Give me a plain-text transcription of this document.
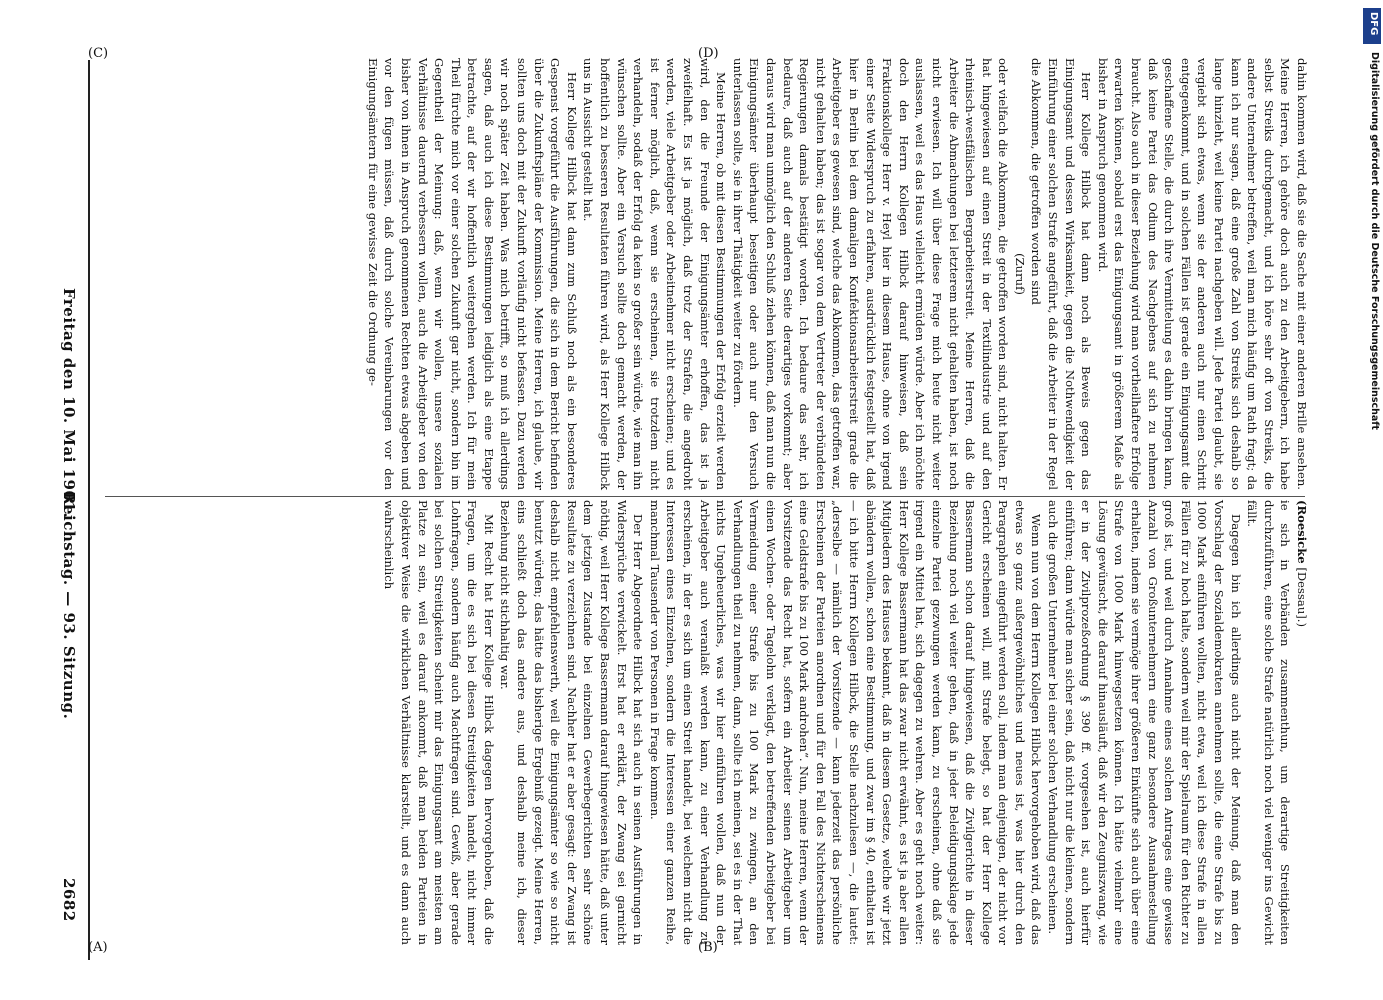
2682
Reichstag. — 93. Sitzung.
Freitag den 10. Mai 1901.
(A)	(B)
(C)	(D)

(Roesicke [Dessau].)

ie sich in Verbänden zusammenthun, um derartige Streitigkeiten durchzuführen, eine solche Strafe natürlich noch viel weniger ins Gewicht fällt.

Dagegen bin ich allerdings auch nicht der Meinung, daß man den Vorschlag der Sozialdemokraten annehmen sollte, die eine Strafe bis zu 1000 Mark einführen wollten, nicht etwa, weil ich diese Strafe in allen Fällen für zu hoch halte, sondern weil mir der Spielraum für den Richter zu groß ist, und weil durch Annahme eines solchen Antrages eine gewisse Anzahl von Großunternehmern eine ganz besondere Ausnahmestellung erhalten, indem sie vermöge ihrer größeren Einkünfte sich auch über eine Strafe von 1000 Mark hinwegsetzen können. Ich hätte vielmehr eine Lösung gewünscht, die darauf hinausläuft, daß wir den Zeugniszwang, wie er in der Zivilprozeßordnung § 390 ff. vorgesehen ist, auch hierfür einführen; dann würde man sicher sein, daß nicht nur die kleinen, sondern auch die großen Unternehmer bei einer solchen Verhandlung erscheinen.

Wenn nun von dem Herrn Kollegen Hilbck hervorgehoben wird, daß das etwas so ganz außergewöhnliches und neues ist, was hier durch den Paragraphen eingeführt werden soll, indem man denjenigen, der nicht vor Gericht erscheinen will, mit Strafe belegt, so hat der Herr Kollege Bassermann schon darauf hingewiesen, daß die Zivilgerichte in dieser Beziehung noch viel weiter gehen, daß in jeder Beleidigungsklage jede einzelne Partei gezwungen werden kann, zu erscheinen, ohne daß sie irgend ein Mittel hat, sich dagegen zu wehren. Aber es geht noch weiter: Herr Kollege Bassermann hat das zwar nicht erwähnt, es ist ja aber allen Mitgliedern des Hauses bekannt, daß in diesem Gesetze, welche wir jetzt abändern wollen, schon eine Bestimmung, und zwar im § 40, enthalten ist — ich bitte Herrn Kollegen Hilbck, die Stelle nachzulesen —, die lautet: „derselbe — nämlich der Vorsitzende — kann jederzeit das persönliche Erscheinen der Parteien anordnen und für den Fall des Nichterscheinens eine Geldstrafe bis zu 100 Mark androhen“. Nun, meine Herren, wenn der Vorsitzende das Recht hat, sofern ein Arbeiter seinen Arbeitgeber um einen Wochen- oder Tagelohn verklagt, den betreffenden Arbeitgeber bei Vermeidung einer Strafe bis zu 100 Mark zu zwingen, an den Verhandlungen theil zu nehmen, dann, sollte ich meinen, sei es in der That nichts Ungeheuerliches, was wir hier einführen wollen, daß nun der Arbeitgeber auch veranlaßt werden kann, zu einer Verhandlung zu erscheinen, in der es sich um einen Streit handelt, bei welchem nicht die Interessen eines Einzelnen, sondern die Interessen einer ganzen Reihe, manchmal Tausender von Personen in Frage kommen.

Der Herr Abgeordnete Hilbck hat sich auch in seinen Ausführungen in Widersprüche verwickelt. Erst hat er erklärt, der Zwang sei garnicht nöthig, weil Herr Kollege Bassermann darauf hingewiesen hätte, daß unter dem jetzigen Zustande bei einzelnen Gewerbegerichten sehr schöne Resultate zu verzeichnen sind. Nachher hat er aber gesagt: der Zwang ist deshalb nicht empfehlenswerth, weil die Einigungsämter so wie so nicht benutzt würden; das hätte das bisherige Ergebniß gezeigt. Meine Herren, eins schließt doch das andere aus, und deshalb meine ich, dieser Beziehung nicht stichhaltig war.

Mit Recht hat Herr Kollege Hilbck dagegen hervorgehoben, daß die Fragen, um die es sich bei diesen Streitigkeiten handelt, nicht immer Lohnfragen, sondern häufig auch Machtfragen sind. Gewiß, aber gerade bei solchen Streitigkeiten scheint mir das Einigungsamt am meisten am Platze zu sein, weil es darauf ankommt, daß man beiden Parteien in objektiver Weise die wirklichen Verhältnisse klarstellt, und es dann auch wahrscheinlich

dahin kommen wird, daß sie die Sache mit einer anderen Brille ansehen. Meine Herren, ich gehöre doch auch zu den Arbeitgebern, ich habe selbst Streiks durchgemacht, und ich höre sehr oft von Streiks, die andere Unternehmer betreffen, weil man mich häufig um Rath fragt; da kann ich nur sagen, daß eine große Zahl von Streiks sich deshalb so lange hinzieht, weil keine Partei nachgeben will. Jede Partei glaubt, sie vergiebt sich etwas, wenn sie der anderen auch nur einen Schritt entgegenkommt, und in solchen Fällen ist gerade ein Einigungsamt die geschaffene Stelle, die durch ihre Vermittelung es dahin bringen kann, daß keine Partei das Odium des Nachgebens auf sich zu nehmen braucht. Also auch in dieser Beziehung wird man vortheilhaftere Erfolge erwarten können, sobald erst das Einigungsamt in größerem Maße als bisher in Anspruch genommen wird.

Herr Kollege Hilbck hat dann noch als Beweis gegen das Einigungsamt und dessen Wirksamkeit, gegen die Nothwendigkeit der Einführung einer solchen Strafe angeführt, daß die Arbeiter in der Regel die Abkommen, die getroffen worden sind

(Zuruf)

oder vielfach die Abkommen, die getroffen worden sind, nicht halten. Er hat hingewiesen auf einen Streit in der Textilindustrie und auf den rheinisch-westfälischen Bergarbeiterstreit. Meine Herren, daß die Arbeiter die Abmachungen bei letzterem nicht gehalten haben, ist noch nicht erwiesen. Ich will über diese Frage mich heute nicht weiter auslassen, weil es das Haus vielleicht ermüden würde. Aber ich möchte doch den Herrn Kollegen Hilbck darauf hinweisen, daß sein Fraktionskollege Herr v. Heyl hier in diesem Hause, ohne von irgend einer Seite Widerspruch zu erfahren, ausdrücklich festgestellt hat, daß hier in Berlin bei dem damaligen Konfektionsarbeiterstreit grade die Arbeitgeber es gewesen sind, welche das Abkommen, das getroffen war, nicht gehalten haben; das ist sogar von dem Vertreter der verbündeten Regierungen damals bestätigt worden. Ich bedaure das sehr, ich bedaure, daß auch auf der anderen Seite derartiges vorkommt; aber daraus wird man unmöglich den Schluß ziehen können, daß man nun die Einigungsämter überhaupt beseitigen oder auch nur den Versuch unterlassen sollte, sie in ihrer Thätigkeit weiter zu fördern.

Meine Herren, ob mit diesen Bestimmungen der Erfolg erzielt werden wird, den die Freunde der Einigungsämter erhoffen, das ist ja zweifelhaft. Es ist ja möglich, daß trotz der Strafen, die angedroht werden, viele Arbeitgeber oder Arbeitnehmer nicht erscheinen; und es ist ferner möglich, daß, wenn sie erscheinen, sie trotzdem nicht verhandeln, sodaß der Erfolg da kein so großer sein würde, wie man ihn wünschen sollte. Aber ein Versuch sollte doch gemacht werden, der hoffentlich zu besseren Resultaten führen wird, als Herr Kollege Hilbck uns in Aussicht gestellt hat.

Herr Kollege Hilbck hat dann zum Schluß noch als ein besonderes Gespenst vorgeführt die Ausführungen, die sich in dem Bericht befinden über die Zukunftspläne der Kommission. Meine Herren, ich glaube, wir sollten uns doch mit der Zukunft vorläufig nicht befassen. Dazu werden wir noch später Zeit haben. Was mich betrifft, so muß ich allerdings sagen, daß auch ich diese Bestimmungen lediglich als eine Etappe betrachte, auf der wir hoffentlich weitergehen werden. Ich für mein Theil fürchte mich vor einer solchen Zukunft gar nicht, sondern bin im Gegentheil der Meinung: daß, wenn wir wollen, unsere sozialen Verhältnisse dauernd verbessern wollen, auch die Arbeitgeber von den bisher von ihnen in Anspruch genommenen Rechten etwas abgeben und vor den fügen müssen, daß durch solche Vereinbarungen vor den Einigungsämtern für eine gewisse Zeit die Ordnung ge-	Digitalisierung gefördert durch die Deutsche Forschungsgemeinschaft
DFG
